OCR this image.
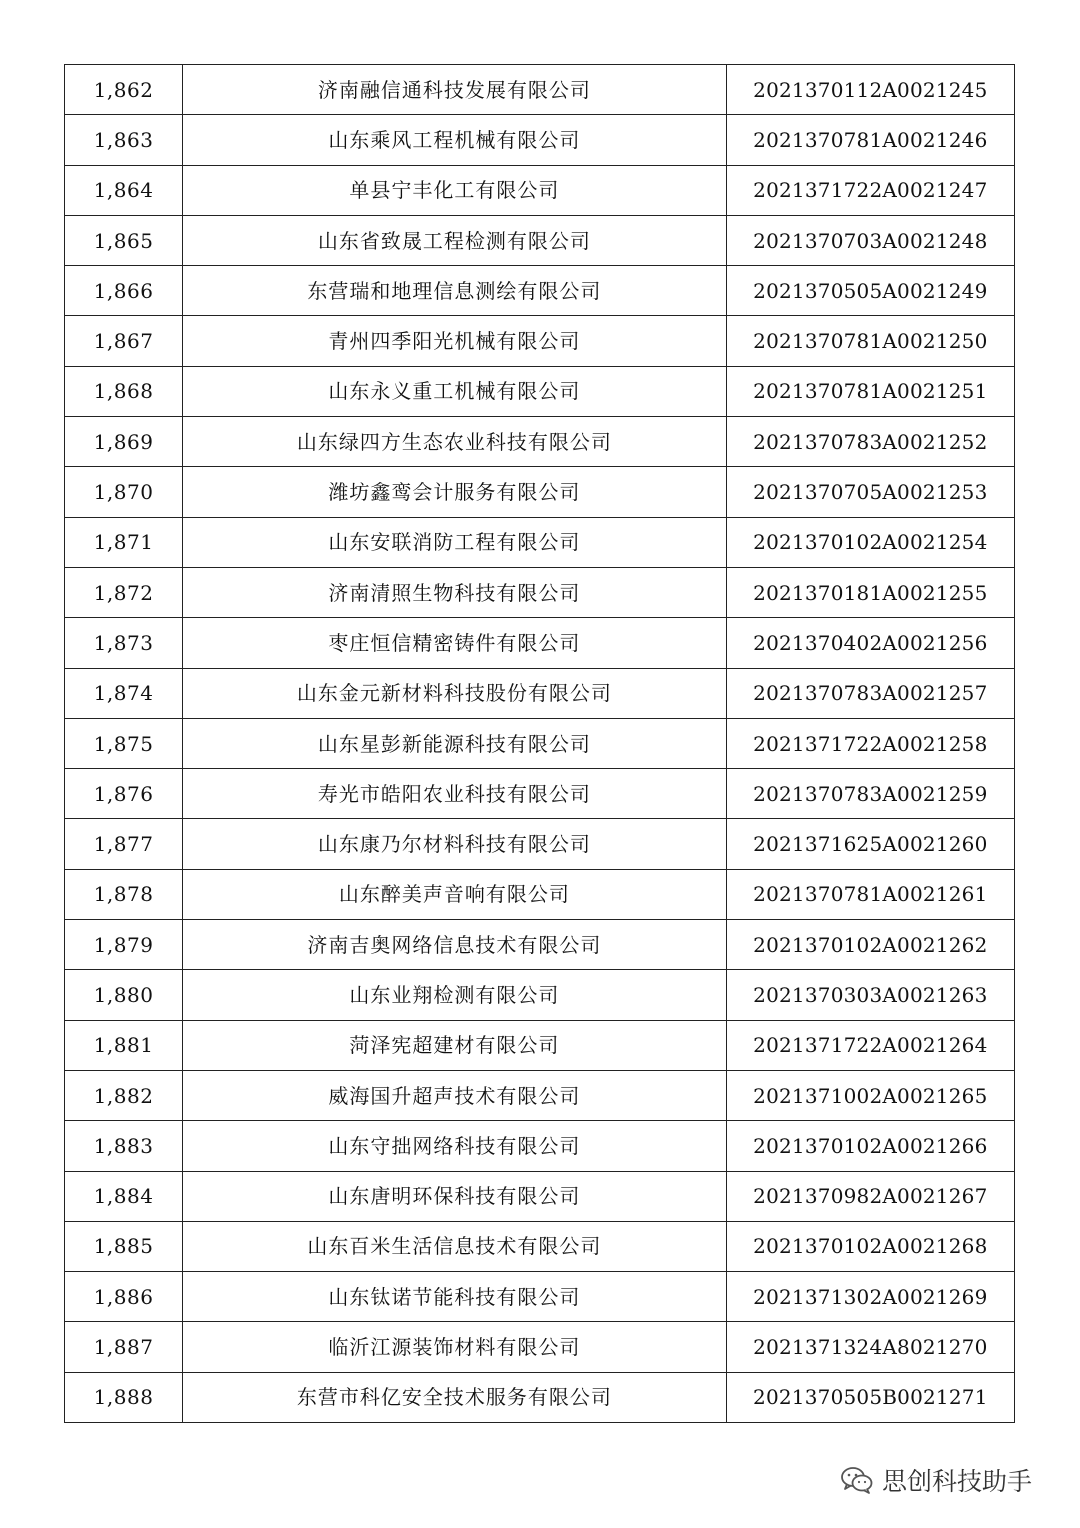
1,862	济南融信通科技发展有限公司	2021370112A0021245
1,863	山东乘风工程机械有限公司	2021370781A0021246
1,864	单县宁丰化工有限公司	2021371722A0021247
1,865	山东省致晟工程检测有限公司	2021370703A0021248
1,866	东营瑞和地理信息测绘有限公司	2021370505A0021249
1,867	青州四季阳光机械有限公司	2021370781A0021250
1,868	山东永义重工机械有限公司	2021370781A0021251
1,869	山东绿四方生态农业科技有限公司	2021370783A0021252
1,870	潍坊鑫鸾会计服务有限公司	2021370705A0021253
1,871	山东安联消防工程有限公司	2021370102A0021254
1,872	济南清照生物科技有限公司	2021370181A0021255
1,873	枣庄恒信精密铸件有限公司	2021370402A0021256
1,874	山东金元新材料科技股份有限公司	2021370783A0021257
1,875	山东星彭新能源科技有限公司	2021371722A0021258
1,876	寿光市皓阳农业科技有限公司	2021370783A0021259
1,877	山东康乃尔材料科技有限公司	2021371625A0021260
1,878	山东醉美声音响有限公司	2021370781A0021261
1,879	济南吉奥网络信息技术有限公司	2021370102A0021262
1,880	山东业翔检测有限公司	2021370303A0021263
1,881	菏泽宪超建材有限公司	2021371722A0021264
1,882	威海国升超声技术有限公司	2021371002A0021265
1,883	山东守拙网络科技有限公司	2021370102A0021266
1,884	山东唐明环保科技有限公司	2021370982A0021267
1,885	山东百米生活信息技术有限公司	2021370102A0021268
1,886	山东钛诺节能科技有限公司	2021371302A0021269
1,887	临沂江源装饰材料有限公司	2021371324A8021270
1,888	东营市科亿安全技术服务有限公司	2021370505B0021271
思创科技助手
